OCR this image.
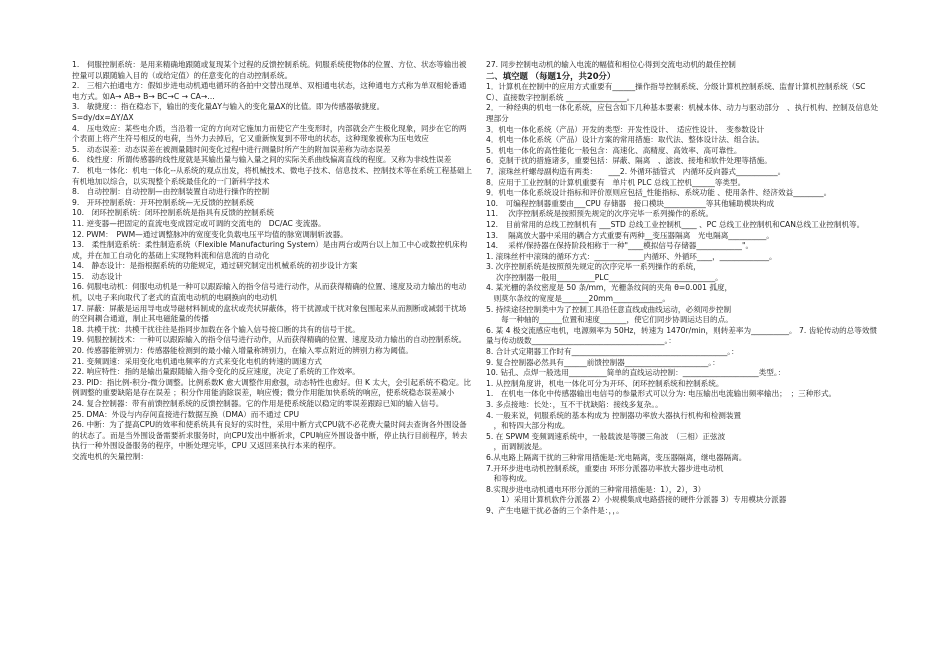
1.　伺服控制系统：是用来精确地跟随或复现某个过程的反馈控制系统。伺服系统使物体的位置、方位、状态等输出被控量可以跟随输入目的（或给定值）的任意变化的自动控制系统。

2.　三相六拍通电方：假如步进电动机通电循环的各拍中交替出现单、双相通电状态，这种通电方式称为单双相轮番通电方式。如A→ AB→ B→ BC→C → CA→…

3.　敏捷度：：指在稳态下，输出的变化量ΔY与输入的变化量ΔX的比值。即为传感器敏捷度。

S=dy/dx=ΔY/ΔX

4.　压电效应：某些电介质，当沿着一定的方向对它施加力而使它产生变形时，内部就会产生极化现象，同步在它的两个表面上将产生符号相反的电荷，当外力去掉后，它又重新恢复到不带电的状态，这种现象被称为压电效应

5.　动态误差：动态误差在被测量随时间变化过程中进行测量时所产生的附加误差称为动态误差

6.　线性度：所谓传感器的线性度就是其输出量与输入量之间的实际关系曲线偏离直线的程度。又称为非线性误差

7.　机电一体化：机电一体化--从系统的观点出发，将机械技术、微电子技术、信息技术、控制技术等在系统工程基础上有机地加以综合，以实现整个系统最佳化的一门新科学技术

8.　自动控制：自动控制—由控制装置自动进行操作的控制

9.　开环控制系统：开环控制系统—无反馈的控制系统

10.　闭环控制系统：闭环控制系统是指具有反馈的控制系统

11. 逆变器—把固定的直流电变成固定或可调的交流电的　DC/AC 变流器。

12. PWM：　PWM—通过调整脉冲的宽度变化负载电压平均值的脉宽调制斩波器。

13.　柔性制造系统：柔性制造系统（Flexible Manufacturing System）是由两台或两台以上加工中心或数控机床构成，并在加工自动化的基础上实现物料流和信息流的自动化

14.　静态设计：是指根据系统的功能规定，通过研究制定出机械系统的初步设计方案

15.　动态设计

16. 伺服电动机：伺服电动机是一种可以跟踪输入的指令信号进行动作，从而获得精确的位置、速度及动力输出的电动机，以电子来向取代了老式的直流电动机的电刷换向的电动机

17. 屏蔽：屏蔽是运用导电或导磁材料制成的盒状或壳状屏蔽体，将干扰源或干扰对象包围起来从而割断或减弱干扰场的空间耦合通道，制止其电磁能量的传播

18. 共模干扰：共模干扰往往是指同步加载在各个输入信号接口断的共有的信号干扰。

19. 伺服控制技术：一种可以跟踪输入的指令信号进行动作，从而获得精确的位置、速度及动力输出的自动控制系统。

20. 传感器能辨别力：传感器能检测到的最小输入增量称辨别力，在输入零点附近的辨别力称为阈值。

21. 变频调速：采用变化电机通电频率的方式来变化电机的转速的调速方式

22. 响应特性：指的是输出量跟随输入指令变化的反应速度，决定了系统的工作效率。

23. PID：指比例-积分-微分调整。比例系数K 愈大调整作用愈强，动态特性也愈好。但 K 太大，会引起系统不稳定。比例调整的重要缺陷是存在误差 ；积分作用能消除误差，响应慢；微分作用能加快系统的响应，使系统稳态误差减小

24. 复合控制器：带有前馈控制系统的反馈控制器。它的作用是使系统能以稳定的零误差跟踪已知的输入信号。

25. DMA：外设与内存间直接进行数据互换（DMA）而不通过 CPU

26. 中断：为了提高CPU的效率和使系统具有良好的实时性，采用中断方式CPU就不必花费大量时间去查询各外围设备的状态了。而是当外围设备需要祈求服务时，向CPU发出中断祈求，CPU响应外围设备中断，停止执行目前程序，转去执行一种外围设备服务的程序，中断处理完毕，CPU 又返回来执行本来的程序。

交流电机的矢量控制：

27. 同步控制电动机的输入电流的幅值和相位心得到交流电动机的最佳控制

二、填空题 （每题1分，共20分）

1．计算机在控制中的应用方式重要有______操作指导控制系统、分级计算机控制系统、监督计算机控制系统（SCC）、直接数字控制系统 ________________。

2．一种经典的机电一体化系统，应包含如下几种基本要素：机械本体、动力与驱动部分　、执行机构、控制及信息处理部分

3．机电一体化系统（产品）开发的类型：开发性设计、　适应性设计、　变参数设计

4．机电一体化系统（产品）设计方案的常用措施：取代法、整体设计法、组合法。

5．机电一体化的高性能化一般包含：高速化、高精度、高效率、高可靠性。

6．克制干扰的措施诸多，重要包括：屏蔽、隔离　、滤波、接地和软件处理等措施。

7．滚珠丝杆螺母副构造有两类：　　___2. 外循环插管式　内循环反向器式___________。

8．应用于工业控制的计算机重要有　单片机 PLC 总线工控机______等类型。

9．机电一体化系统设计指标和评价原则应包括_性能指标、系统功能 、使用条件、经济效益________。

10.　可编程控制器重要由___CPU 存储器　接口模块___________等其他辅助模块构成

11.　 次序控制系统是按照预先规定的次序完毕一系列操作的系统。

12.　目前常用的总线工控制机有 ___STD 总线工业控制机____ 、PC 总线工业控制机和CAN总线工业控制机等。

13.　 隔离放大器中采用的耦合方式重要有两种__变压器隔离　光电隔离__________。

14.　 采样/保持器在保持阶段相称于一种"____模拟信号存储器____________"。

1. 滚珠丝杆中滚珠的循环方式：_____________内循环、外循环____，_____________。

3. 次序控制系统是按照预先规定的次序完毕一系列操作的系统，

　 次序控制器一般用__________PLC____________________________。

4. 某光栅的条纹密度是 50 条/mm，光栅条纹间的夹角 θ=0.001 孤度，

　则莫尔条纹的宽度是_______20mm_____________。

5. 持续途径控制类中为了控制工具沿任意直线或曲线运动，必须同步控制

　　每一种轴的______位置和速度_______，使它们同步协调运达目的点。

6. 某 4 极交流感应电机，电源频率为 50Hz，转速为 1470r/min，则转差率为__________。 7. 齿轮传动的总等效惯量与传动级数___________________________________。：

8. 合计式定期器工作时有_________________________________________。：

9. 复合控制器必然具有______前馈控制器______________________。：

10. 钻孔、点焊一般选用__________简单的直线运动控制：____________________类型。：

1. 从控制角度讲，机电一体化可分为开环、闭环控制系统和控制系统。

1.　在机电一体化中传感器输出电信号的参量形式可以分为: 电压输出电流输出频率输出；　；三种形式。

3. 多点接地：长处：，互不干扰缺陷：接线多复杂。。

4. 一般来说，伺服系统的基本构成为 控制器功率放大器执行机构和检测装置

　，和特四大部分构成。

5. 在 SPWM 变频调速系统中，一般载波是等腰三角波　（三相）正弦波

　，而调制波是。

6.从电路上隔离干扰的三种常用措施是:光电隔离，变压器隔离，继电器隔离。

7.开环步进电动机控制系统，重要由 环形分派器功率放大器步进电动机

　和等构成。

8.实现步进电动机通电环形分派的三种常用措施是：1），2），3）

　　1）采用计算机软件分派器 2）小规模集成电路搭接的硬件分派器 3）专用模块分派器

9、产生电磁干扰必备的三个条件是：，，。
